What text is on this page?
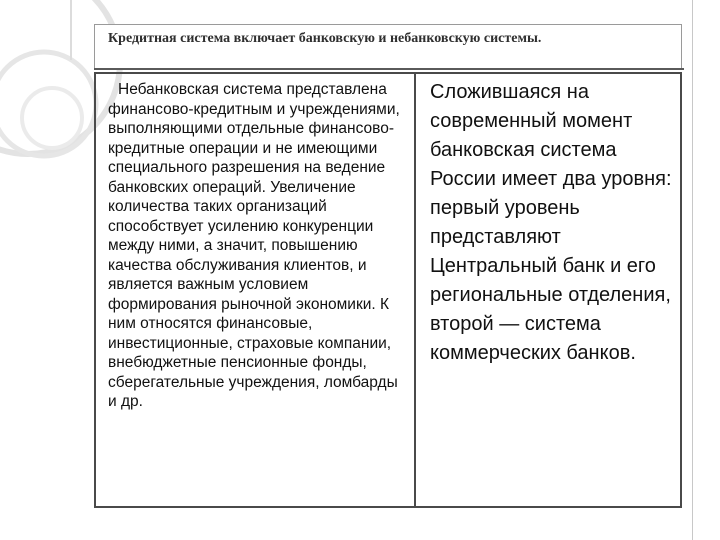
Кредитная система включает банковскую и небанковскую системы.

Небанковская система представлена финансово-кредитным и учреждениями, выполняющими отдельные финансово-кредитные операции и не имеющими специального разрешения на ведение банковских операций. Увеличение количества таких организаций способствует усилению конкуренции между ними, а значит, повышению качества обслуживания клиентов, и является важным условием формирования рыночной экономики. К ним относятся финансовые, инвестиционные, страховые компании, внебюджетные пенсионные фонды, сберегательные учреждения, ломбарды и др.

Сложившаяся на современный момент банковская система России имеет два уровня: первый уровень представляют Центральный банк и его региональные отделения, второй — система коммерческих банков.
